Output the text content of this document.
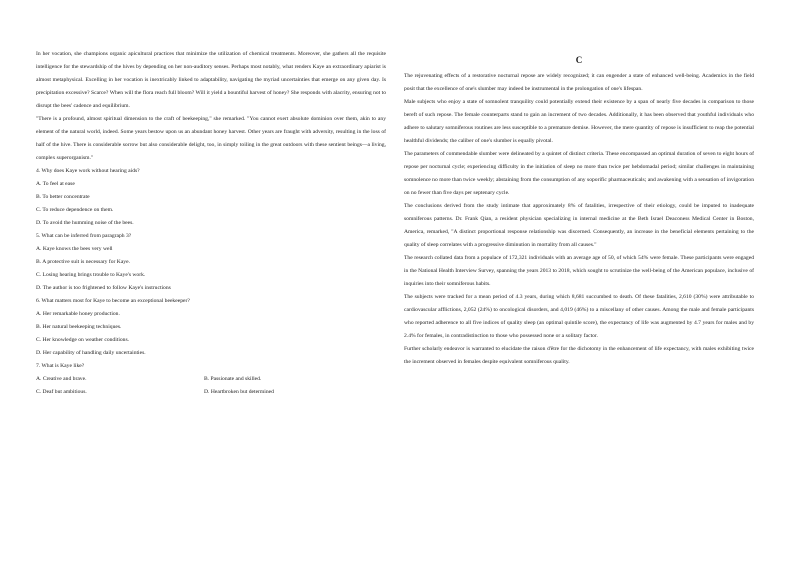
In her vocation, she champions organic apicultural practices that minimize the utilization of chemical treatments. Moreover, she gathers all the requisite intelligence for the stewardship of the hives by depending on her non-auditory senses. Perhaps most notably, what renders Kaye an extraordinary apiarist is almost metaphysical. Excelling in her vocation is inextricably linked to adaptability, navigating the myriad uncertainties that emerge on any given day. Is precipitation excessive? Scarce? When will the flora reach full bloom? Will it yield a bountiful harvest of honey? She responds with alacrity, ensuring not to disrupt the bees' cadence and equilibrium.

"There is a profound, almost spiritual dimension to the craft of beekeeping," she remarked. "You cannot exert absolute dominion over them, akin to any element of the natural world, indeed. Some years bestow upon us an abundant honey harvest. Other years are fraught with adversity, resulting in the loss of half of the hive. There is considerable sorrow but also considerable delight, too, in simply toiling in the great outdoors with these sentient beings—a living, complex superorganism."

4. Why does Kaye work without hearing aids?

A. To feel at ease

B. To better concentrate

C. To reduce dependence on them.

D. To avoid the humming noise of the bees.

5. What can be inferred from paragraph 3?

A. Kaye knows the bees very well

B. A protective suit is necessary for Kaye.

C. Losing hearing brings trouble to Kaye's work.

D. The author is too frightened to follow Kaye's instructions

6. What matters most for Kaye to become an exceptional beekeeper?

A. Her remarkable honey production.

B. Her natural beekeeping techniques.

C. Her knowledge on weather conditions.

D. Her capability of handling daily uncertainties.

7. What is Kaye like?

A. Creative and brave.	B. Passionate and skilled.
C. Deaf but ambitious.	D. Heartbroken but determined
C

The rejuvenating effects of a restorative nocturnal repose are widely recognized; it can engender a state of enhanced well-being. Academics in the field posit that the excellence of one's slumber may indeed be instrumental in the prolongation of one's lifespan.

Male subjects who enjoy a state of somnolent tranquility could potentially extend their existence by a span of nearly five decades in comparison to those bereft of such repose. The female counterparts stand to gain an increment of two decades. Additionally, it has been observed that youthful individuals who adhere to salutary somniferous routines are less susceptible to a premature demise. However, the mere quantity of repose is insufficient to reap the potential healthful dividends; the caliber of one's slumber is equally pivotal.

The parameters of commendable slumber were delineated by a quintet of distinct criteria. These encompassed an optimal duration of seven to eight hours of repose per nocturnal cycle; experiencing difficulty in the initiation of sleep no more than twice per hebdomadal period; similar challenges in maintaining somnolence no more than twice weekly; abstaining from the consumption of any soporific pharmaceuticals; and awakening with a sensation of invigoration on no fewer than five days per septenary cycle.

The conclusions derived from the study intimate that approximately 8% of fatalities, irrespective of their etiology, could be imputed to inadequate somniferous patterns. Dr. Frank Qian, a resident physician specializing in internal medicine at the Beth Israel Deaconess Medical Center in Boston, America, remarked, "A distinct proportional response relationship was discerned. Consequently, an increase in the beneficial elements pertaining to the quality of sleep correlates with a progressive diminution in mortality from all causes."

The research collated data from a populace of 172,321 individuals with an average age of 50, of which 54% were female. These participants were engaged in the National Health Interview Survey, spanning the years 2013 to 2018, which sought to scrutinize the well-being of the American populace, inclusive of inquiries into their somniferous habits.

The subjects were tracked for a mean period of 4.3 years, during which 8,681 succumbed to death. Of these fatalities, 2,610 (30%) were attributable to cardiovascular afflictions, 2,052 (24%) to oncological disorders, and 4,019 (46%) to a miscellany of other causes. Among the male and female participants who reported adherence to all five indices of quality sleep (an optimal quintile score), the expectancy of life was augmented by 4.7 years for males and by 2.4% for females, in contradistinction to those who possessed none or a solitary factor.

Further scholarly endeavor is warranted to elucidate the raison d'être for the dichotomy in the enhancement of life expectancy, with males exhibiting twice the increment observed in females despite equivalent somniferous quality.
